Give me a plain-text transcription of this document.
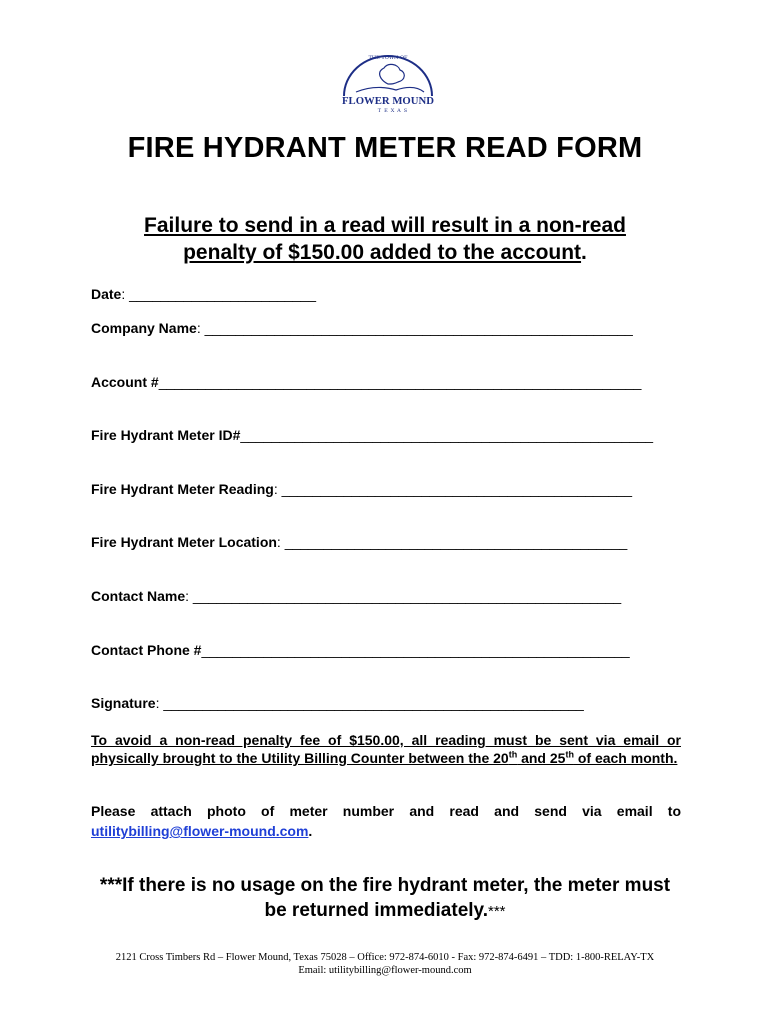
THE TOWN OF
FLOWER MOUND
TEXAS
FIRE HYDRANT METER READ FORM
Failure to send in a read will result in a non-read
penalty of $150.00 added to the account.
Date: ________________________
Company Name: _______________________________________________________
Account #______________________________________________________________
Fire Hydrant Meter ID#_____________________________________________________
Fire Hydrant Meter Reading: _____________________________________________
Fire Hydrant Meter Location: ____________________________________________
Contact Name: _______________________________________________________
Contact Phone #_______________________________________________________
Signature: ______________________________________________________
To avoid a non-read penalty fee of $150.00, all reading must be sent via email or physically brought to the Utility Billing Counter between the 20th and 25th of each month.
Please attach photo of meter number and read and send via email to
utilitybilling@flower-mound.com.
***If there is no usage on the fire hydrant meter, the meter must be returned immediately.***
2121 Cross Timbers Rd – Flower Mound, Texas 75028 – Office: 972-874-6010 - Fax: 972-874-6491 – TDD: 1-800-RELAY-TX
Email: utilitybilling@flower-mound.com
